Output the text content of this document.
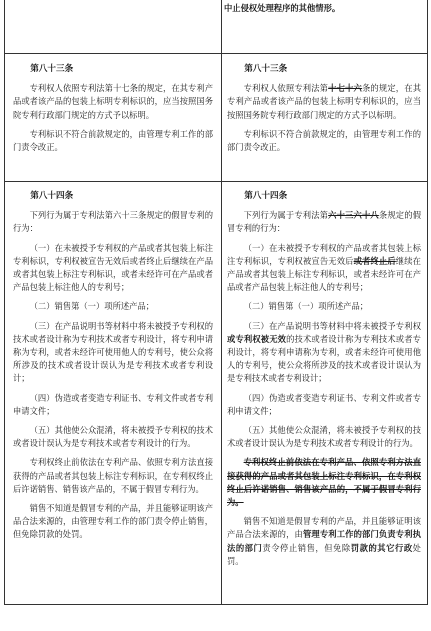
中止侵权处理程序的其他情形。

第八十三条

专利权人依照专利法第十七条的规定，在其专利产品或者该产品的包装上标明专利标识的，应当按照国务院专利行政部门规定的方式予以标明。

专利标识不符合前款规定的，由管理专利工作的部门责令改正。

第八十三条

专利权人依照专利法第十七十六条的规定，在其专利产品或者该产品的包装上标明专利标识的，应当按照国务院专利行政部门规定的方式予以标明。

专利标识不符合前款规定的，由管理专利工作的部门责令改正。

第八十四条

下列行为属于专利法第六十三条规定的假冒专利的行为：

（一）在未被授予专利权的产品或者其包装上标注专利标识，专利权被宣告无效后或者终止后继续在产品或者其包装上标注专利标识，或者未经许可在产品或者产品包装上标注他人的专利号；

（二）销售第（一）项所述产品；

（三）在产品说明书等材料中将未被授予专利权的技术或者设计称为专利技术或者专利设计，将专利申请称为专利，或者未经许可使用他人的专利号，使公众将所涉及的技术或者设计误认为是专利技术或者专利设计；

（四）伪造或者变造专利证书、专利文件或者专利申请文件；

（五）其他使公众混淆，将未被授予专利权的技术或者设计误认为是专利技术或者专利设计的行为。

专利权终止前依法在专利产品、依照专利方法直接获得的产品或者其包装上标注专利标识，在专利权终止后许诺销售、销售该产品的，不属于假冒专利行为。

销售不知道是假冒专利的产品，并且能够证明该产品合法来源的，由管理专利工作的部门责令停止销售，但免除罚款的处罚。

第八十四条

下列行为属于专利法第六十三六十八条规定的假冒专利的行为：

（一）在未被授予专利权的产品或者其包装上标注专利标识，专利权被宣告无效后或者终止后继续在产品或者其包装上标注专利标识，或者未经许可在产品或者产品包装上标注他人的专利号；

（二）销售第（一）项所述产品；

（三）在产品说明书等材料中将未被授予专利权或专利权被无效的技术或者设计称为专利技术或者专利设计，将专利申请称为专利，或者未经许可使用他人的专利号，使公众将所涉及的技术或者设计误认为是专利技术或者专利设计；

（四）伪造或者变造专利证书、专利文件或者专利申请文件；

（五）其他使公众混淆，将未被授予专利权的技术或者设计误认为是专利技术或者专利设计的行为。

专利权终止前依法在专利产品、依照专利方法直接获得的产品或者其包装上标注专利标识，在专利权终止后许诺销售、销售该产品的，不属于假冒专利行为。

销售不知道是假冒专利的产品，并且能够证明该产品合法来源的，由管理专利工作的部门负责专利执法的部门责令停止销售，但免除罚款的其它行政处罚。
